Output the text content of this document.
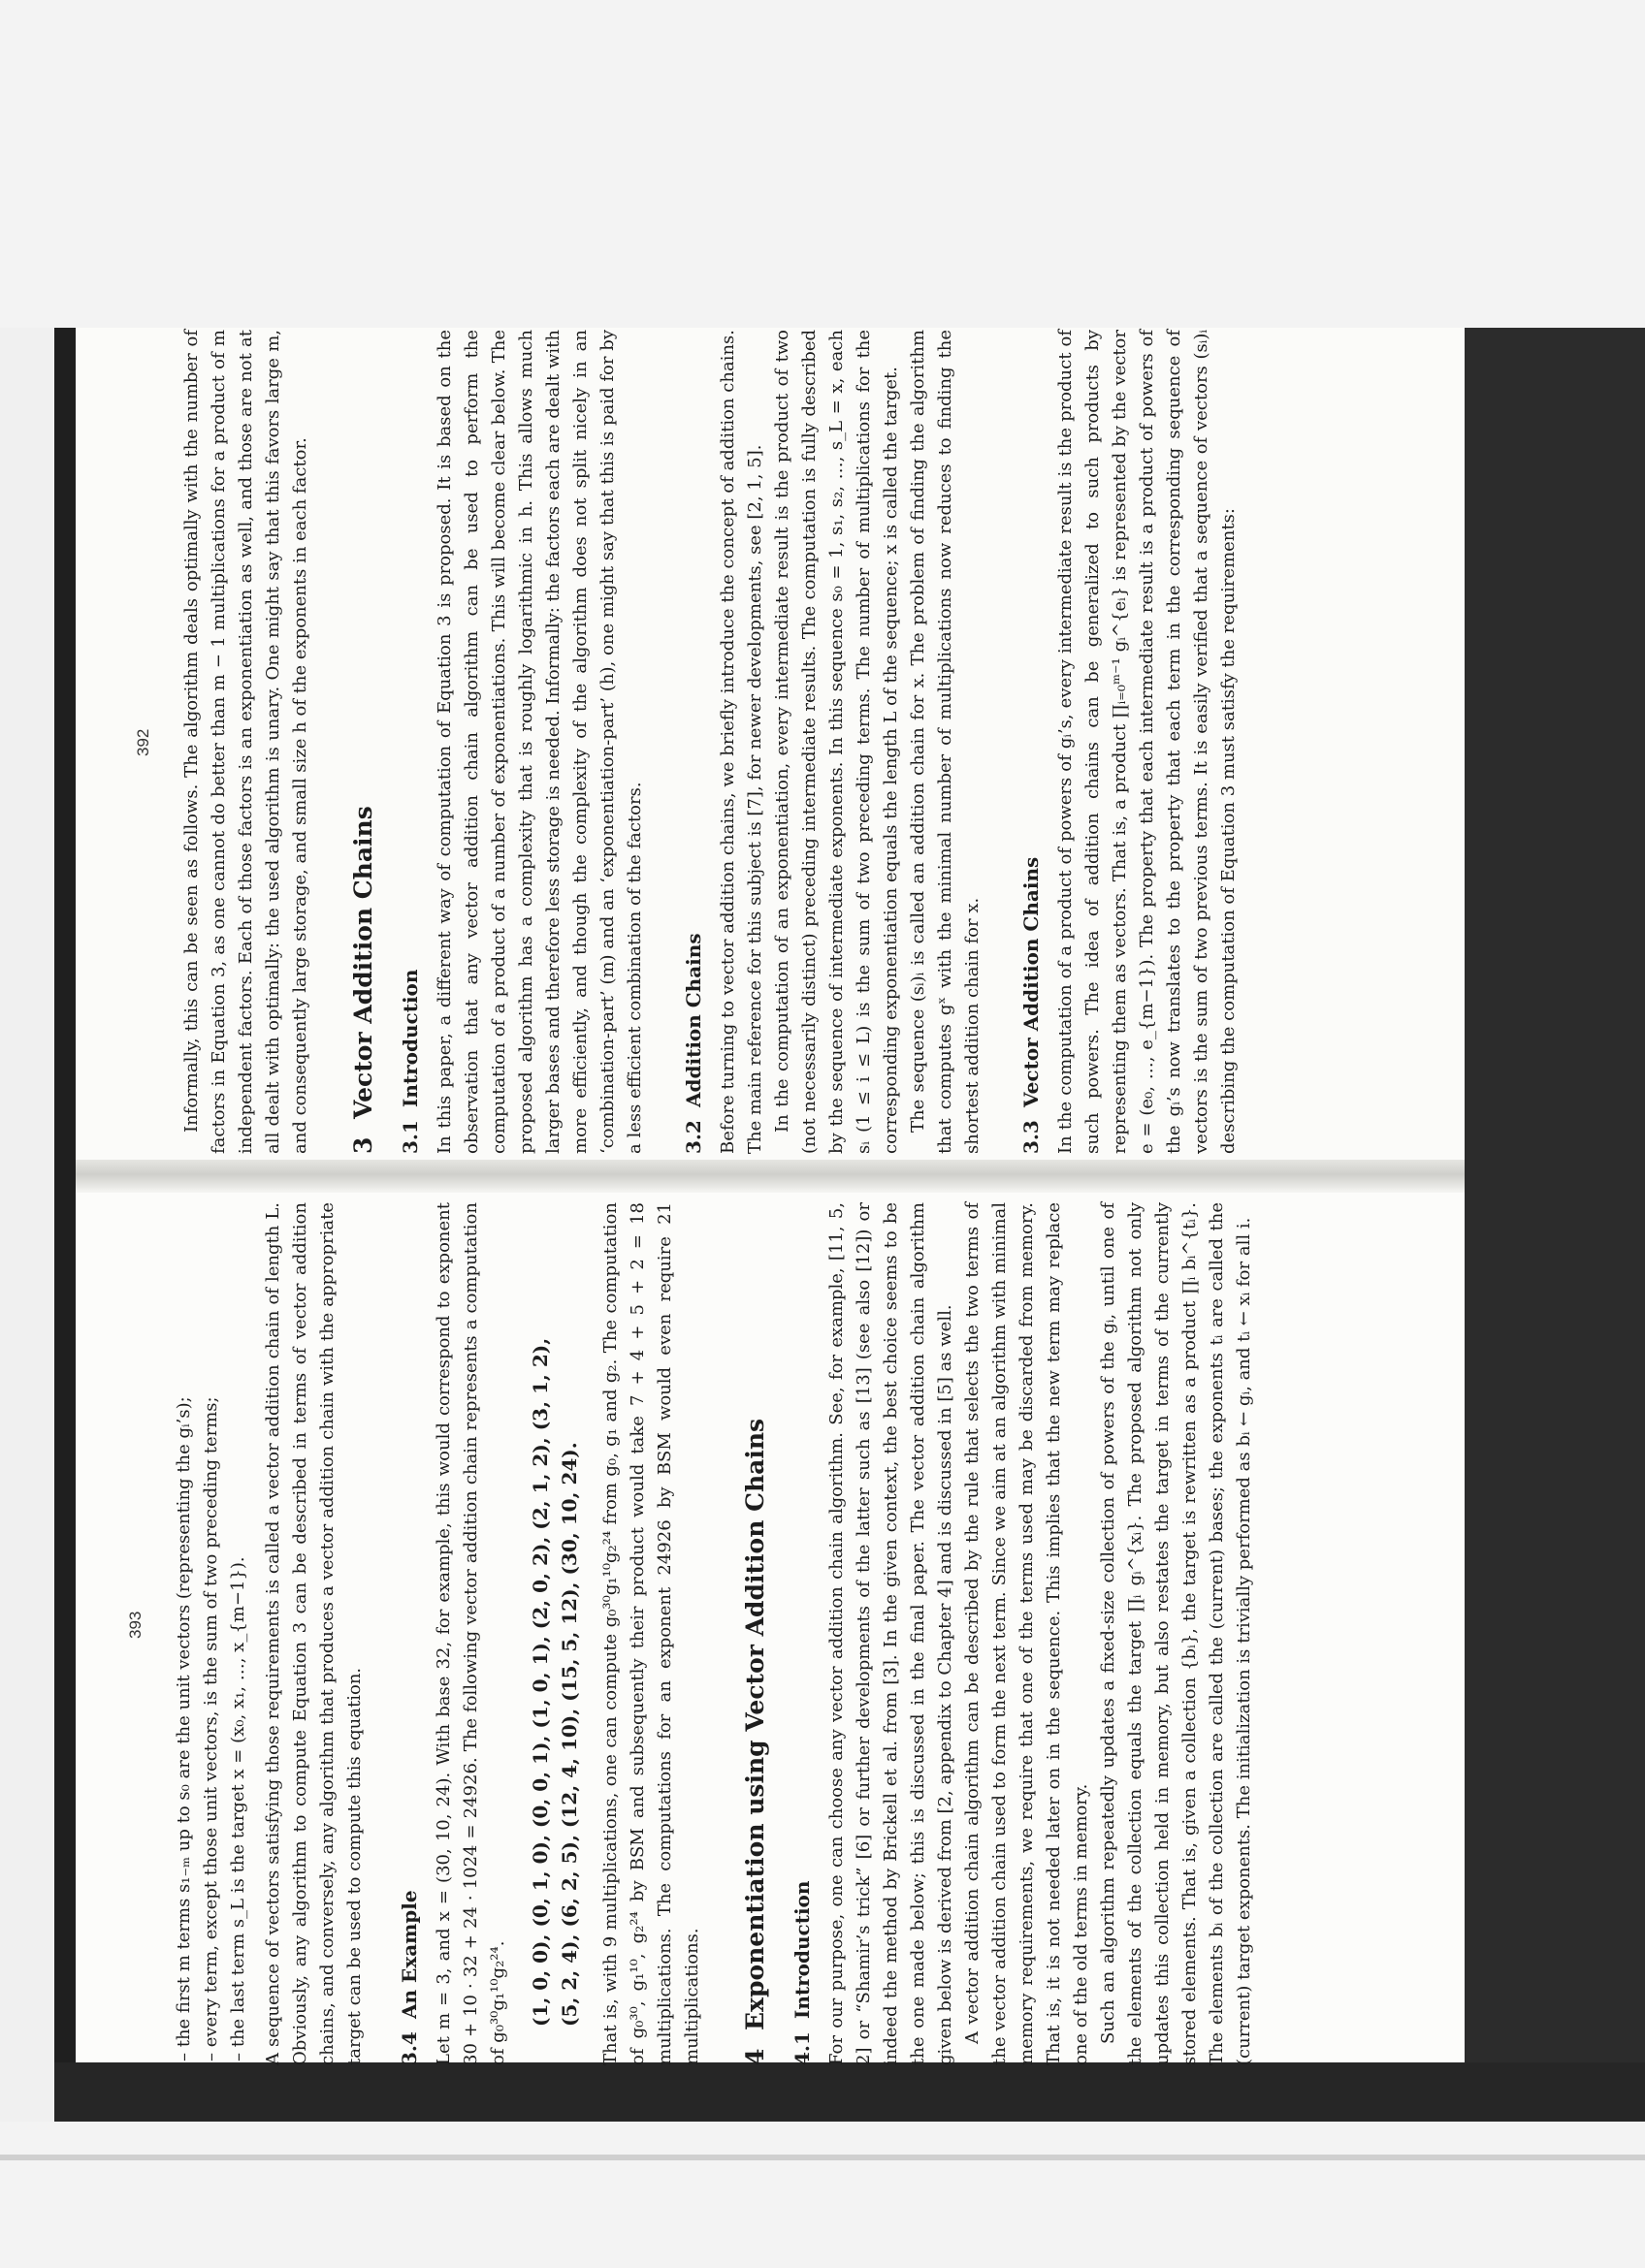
392 Informally, this can be seen as follows. The algorithm deals optimally with the number of factors in Equation 3, as one cannot do better than m − 1 multiplications for a product of m independent factors. Each of those factors is an exponentiation as well, and those are not at all dealt with optimally: the used algorithm is unary. One might say that this favors large m, and consequently large storage, and small size h of the exponents in each factor. 3Vector Addition Chains
3.1Introduction In this paper, a different way of computation of Equation 3 is proposed. It is based on the observation that any vector addition chain algorithm can be used to perform the computation of a product of a number of exponentiations. This will become clear below. The proposed algorithm has a complexity that is roughly logarithmic in h. This allows much larger bases and therefore less storage is needed. Informally: the factors each are dealt with more efficiently, and though the complexity of the algorithm does not split nicely in an ‘combination-part’ (m) and an ‘exponentiation-part’ (h), one might say that this is paid for by a less efficient combination of the factors. 3.2Addition Chains Before turning to vector addition chains, we briefly introduce the concept of addition chains. The main reference for this subject is [7], for newer developments, see [2, 1, 5]. In the computation of an exponentiation, every intermediate result is the product of two (not necessarily distinct) preceding intermediate results. The computation is fully described by the sequence of intermediate exponents. In this sequence s₀ = 1, s₁, s₂, …, s_L = x, each sᵢ (1 ≤ i ≤ L) is the sum of two preceding terms. The number of multiplications for the corresponding exponentiation equals the length L of the sequence; x is called the target. The sequence (sᵢ)ᵢ is called an addition chain for x. The problem of finding the algorithm that computes gˣ with the minimal number of multiplications now reduces to finding the shortest addition chain for x. 3.3Vector Addition Chains In the computation of a product of powers of gᵢ’s, every intermediate result is the product of such powers. The idea of addition chains can be generalized to such products by representing them as vectors. That is, a product ∏ᵢ₌₀ᵐ⁻¹ gᵢ^{eᵢ} is represented by the vector e = (e₀, …, e_{m−1}). The property that each intermediate result is a product of powers of the gᵢ’s now translates to the property that each term in the corresponding sequence of vectors is the sum of two previous terms. It is easily verified that a sequence of vectors (sᵢ)ᵢ describing the computation of Equation 3 must satisfy the requirements:

393 – the first m terms s₁₋ₘ up to s₀ are the unit vectors (representing the gᵢ’s); – every term, except those unit vectors, is the sum of two preceding terms; – the last term s_L is the target x = (x₀, x₁, …, x_{m−1}). A sequence of vectors satisfying those requirements is called a vector addition chain of length L. Obviously, any algorithm to compute Equation 3 can be described in terms of vector addition chains, and conversely, any algorithm that produces a vector addition chain with the appropriate target can be used to compute this equation. 3.4An Example Let m = 3, and x = (30, 10, 24). With base 32, for example, this would correspond to exponent 30 + 10 · 32 + 24 · 1024 = 24926. The following vector addition chain represents a computation of g₀³⁰g₁¹⁰g₂²⁴. (1, 0, 0), (0, 1, 0), (0, 0, 1), (1, 0, 1), (2, 0, 2), (2, 1, 2), (3, 1, 2), (5, 2, 4), (6, 2, 5), (12, 4, 10), (15, 5, 12), (30, 10, 24). That is, with 9 multiplications, one can compute g₀³⁰g₁¹⁰g₂²⁴ from g₀, g₁ and g₂. The computation of g₀³⁰, g₁¹⁰, g₂²⁴ by BSM and subsequently their product would take 7 + 4 + 5 + 2 = 18 multiplications. The computations for an exponent 24926 by BSM would even require 21 multiplications. 4Exponentiation using Vector Addition Chains
4.1Introduction For our purpose, one can choose any vector addition chain algorithm. See, for example, [11, 5, 2] or “Shamir’s trick” [6] or further developments of the latter such as [13] (see also [12]) or indeed the method by Brickell et al. from [3]. In the given context, the best choice seems to be the one made below; this is discussed in the final paper. The vector addition chain algorithm given below is derived from [2, appendix to Chapter 4] and is discussed in [5] as well. A vector addition chain algorithm can be described by the rule that selects the two terms of the vector addition chain used to form the next term. Since we aim at an algorithm with minimal memory requirements, we require that one of the terms used may be discarded from memory. That is, it is not needed later on in the sequence. This implies that the new term may replace one of the old terms in memory. Such an algorithm repeatedly updates a fixed-size collection of powers of the gᵢ, until one of the elements of the collection equals the target ∏ᵢ gᵢ^{xᵢ}. The proposed algorithm not only updates this collection held in memory, but also restates the target in terms of the currently stored elements. That is, given a collection {bᵢ}, the target is rewritten as a product ∏ᵢ bᵢ^{tᵢ}. The elements bᵢ of the collection are called the (current) bases; the exponents tᵢ are called the (current) target exponents. The initialization is trivially performed as bᵢ ← gᵢ, and tᵢ ← xᵢ for all i.
